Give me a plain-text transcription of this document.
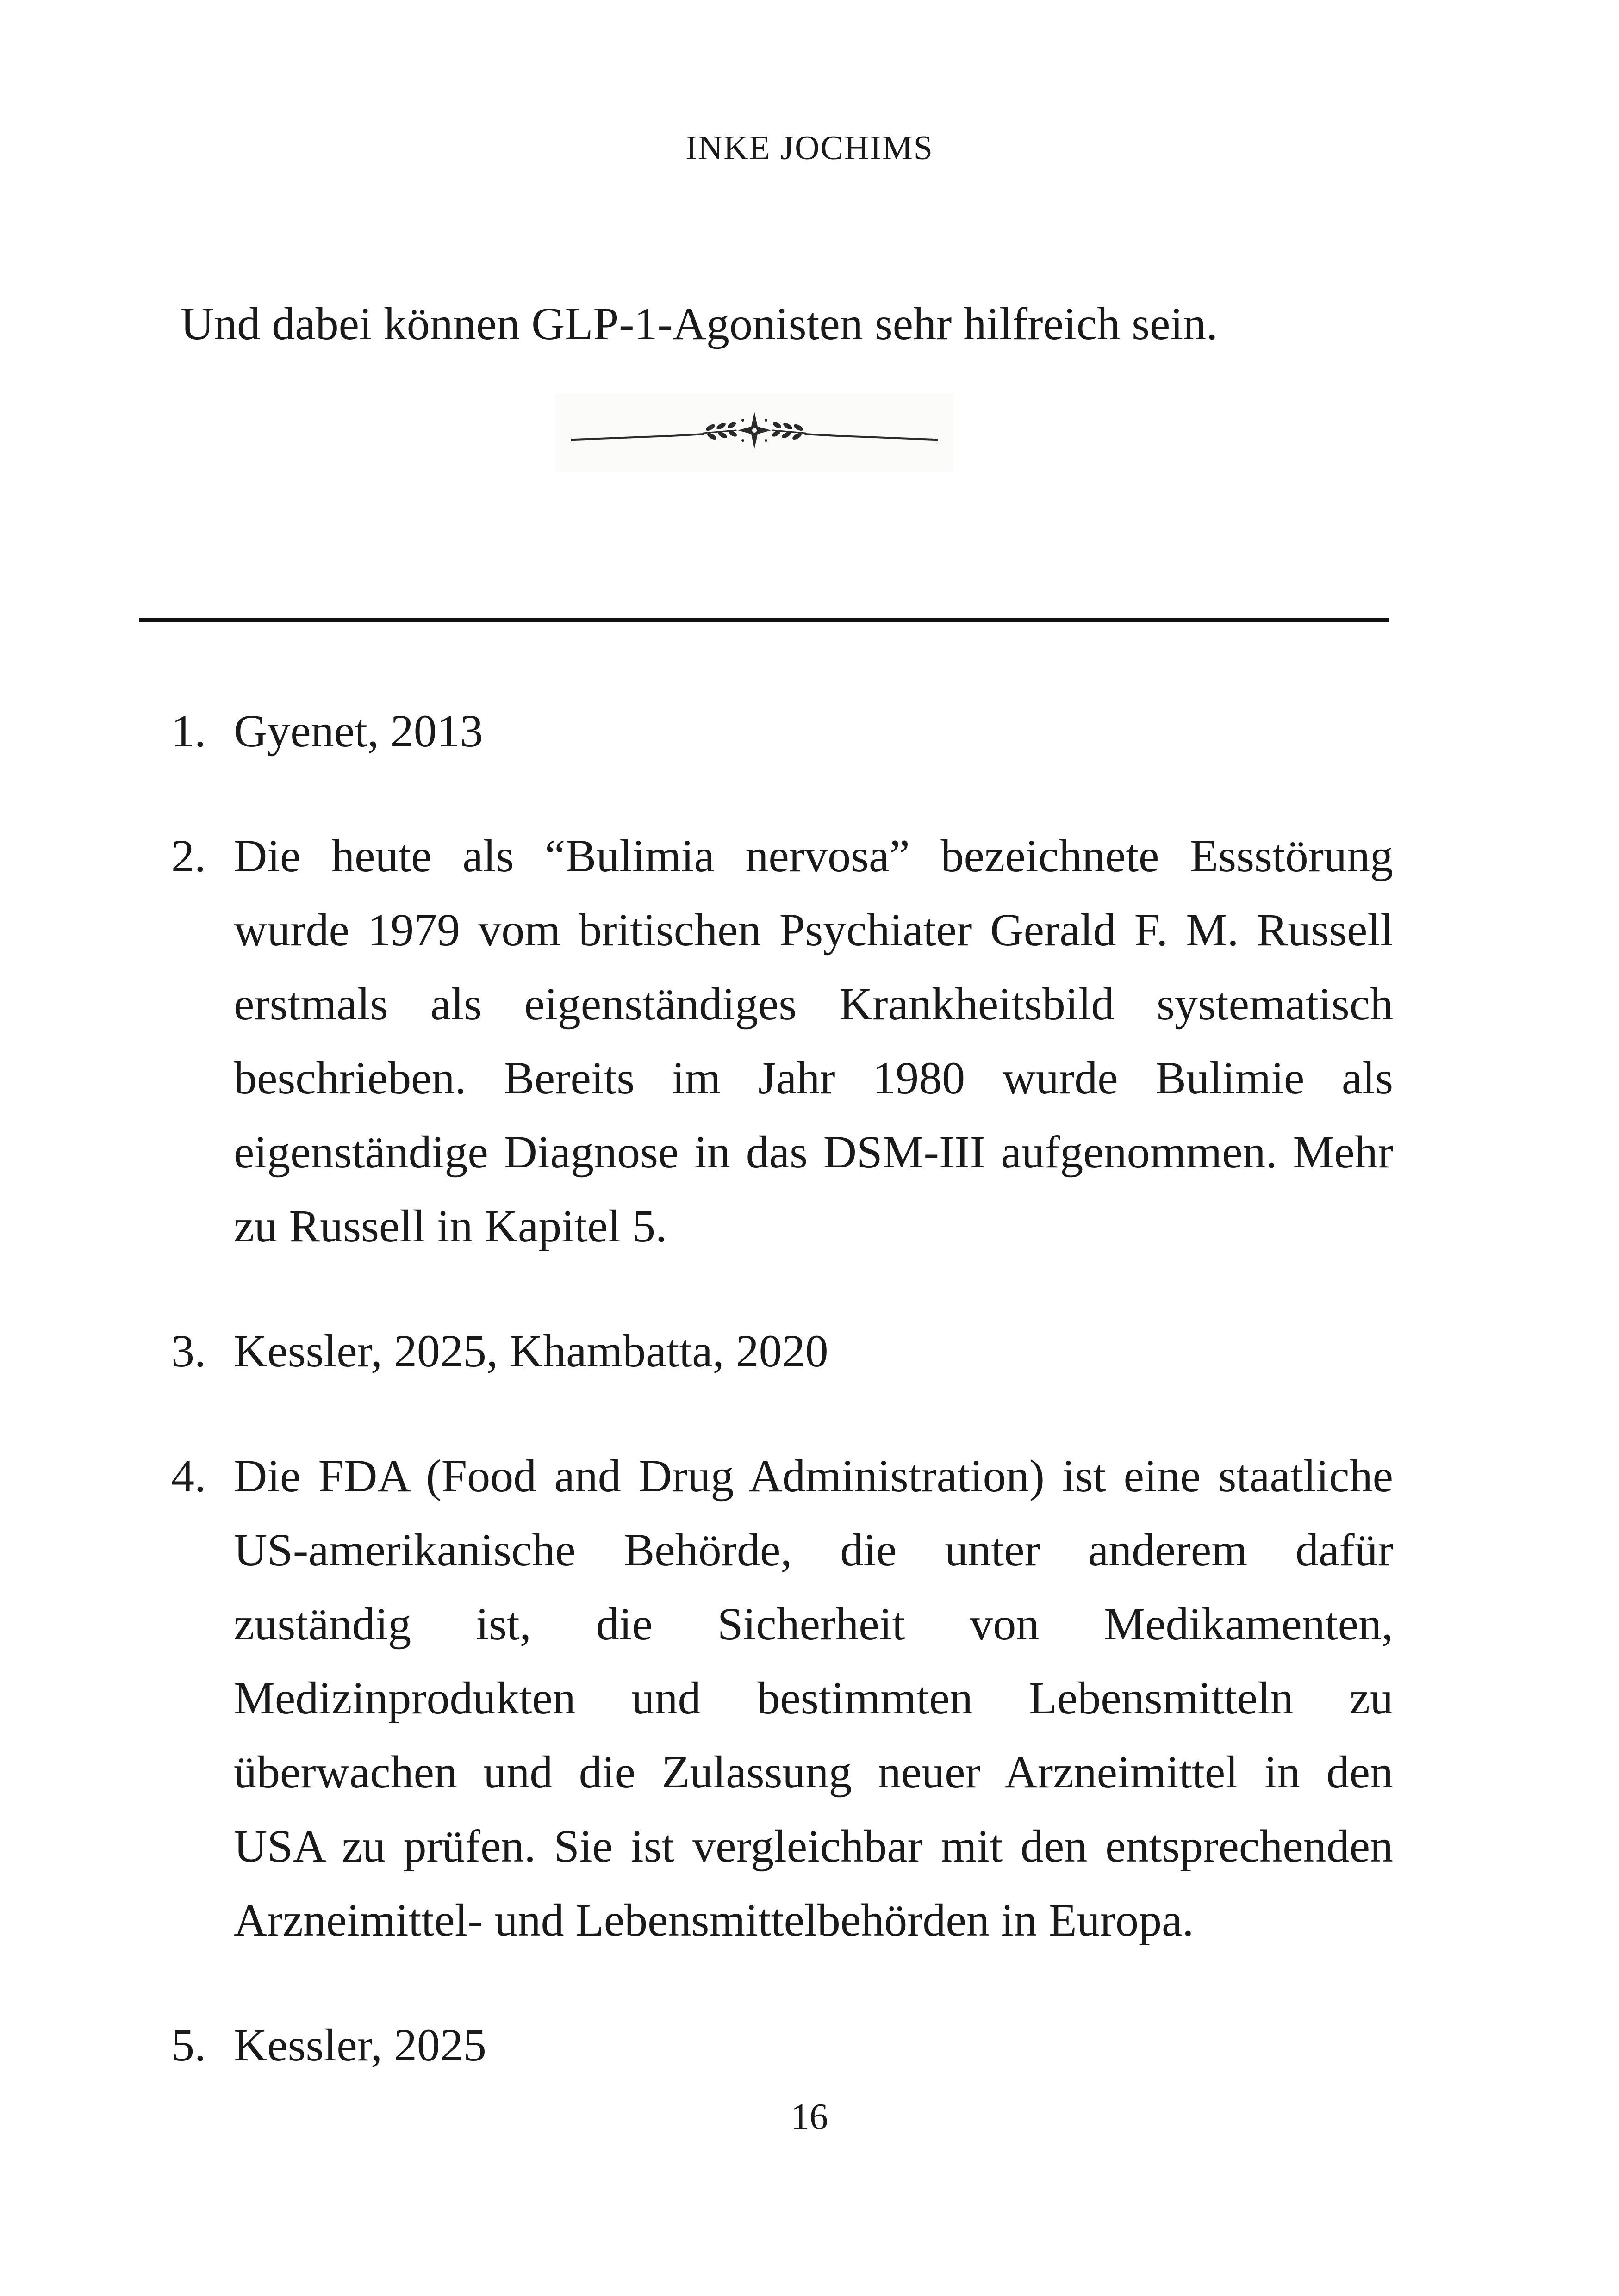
INKE JOCHIMS

Und dabei können GLP-1-Agonisten sehr hilfreich sein.

1. Gyenet, 2013
2. Die heute als “Bulimia nervosa” bezeichnete Essstörung wurde 1979 vom britischen Psychiater Gerald F. M. Russell erstmals als eigenständiges Krankheitsbild systematisch beschrieben. Bereits im Jahr 1980 wurde Bulimie als eigenständige Diagnose in das DSM-III aufgenommen. Mehr zu Russell in Kapitel 5.
3. Kessler, 2025, Khambatta, 2020
4. Die FDA (Food and Drug Administration) ist eine staatliche US-amerikanische Behörde, die unter anderem dafür zuständig ist, die Sicherheit von Medikamenten, Medizinprodukten und bestimmten Lebensmitteln zu überwachen und die Zulassung neuer Arzneimittel in den USA zu prüfen. Sie ist vergleichbar mit den entsprechenden Arzneimittel- und Lebensmittelbehörden in Europa.
5. Kessler, 2025
16
